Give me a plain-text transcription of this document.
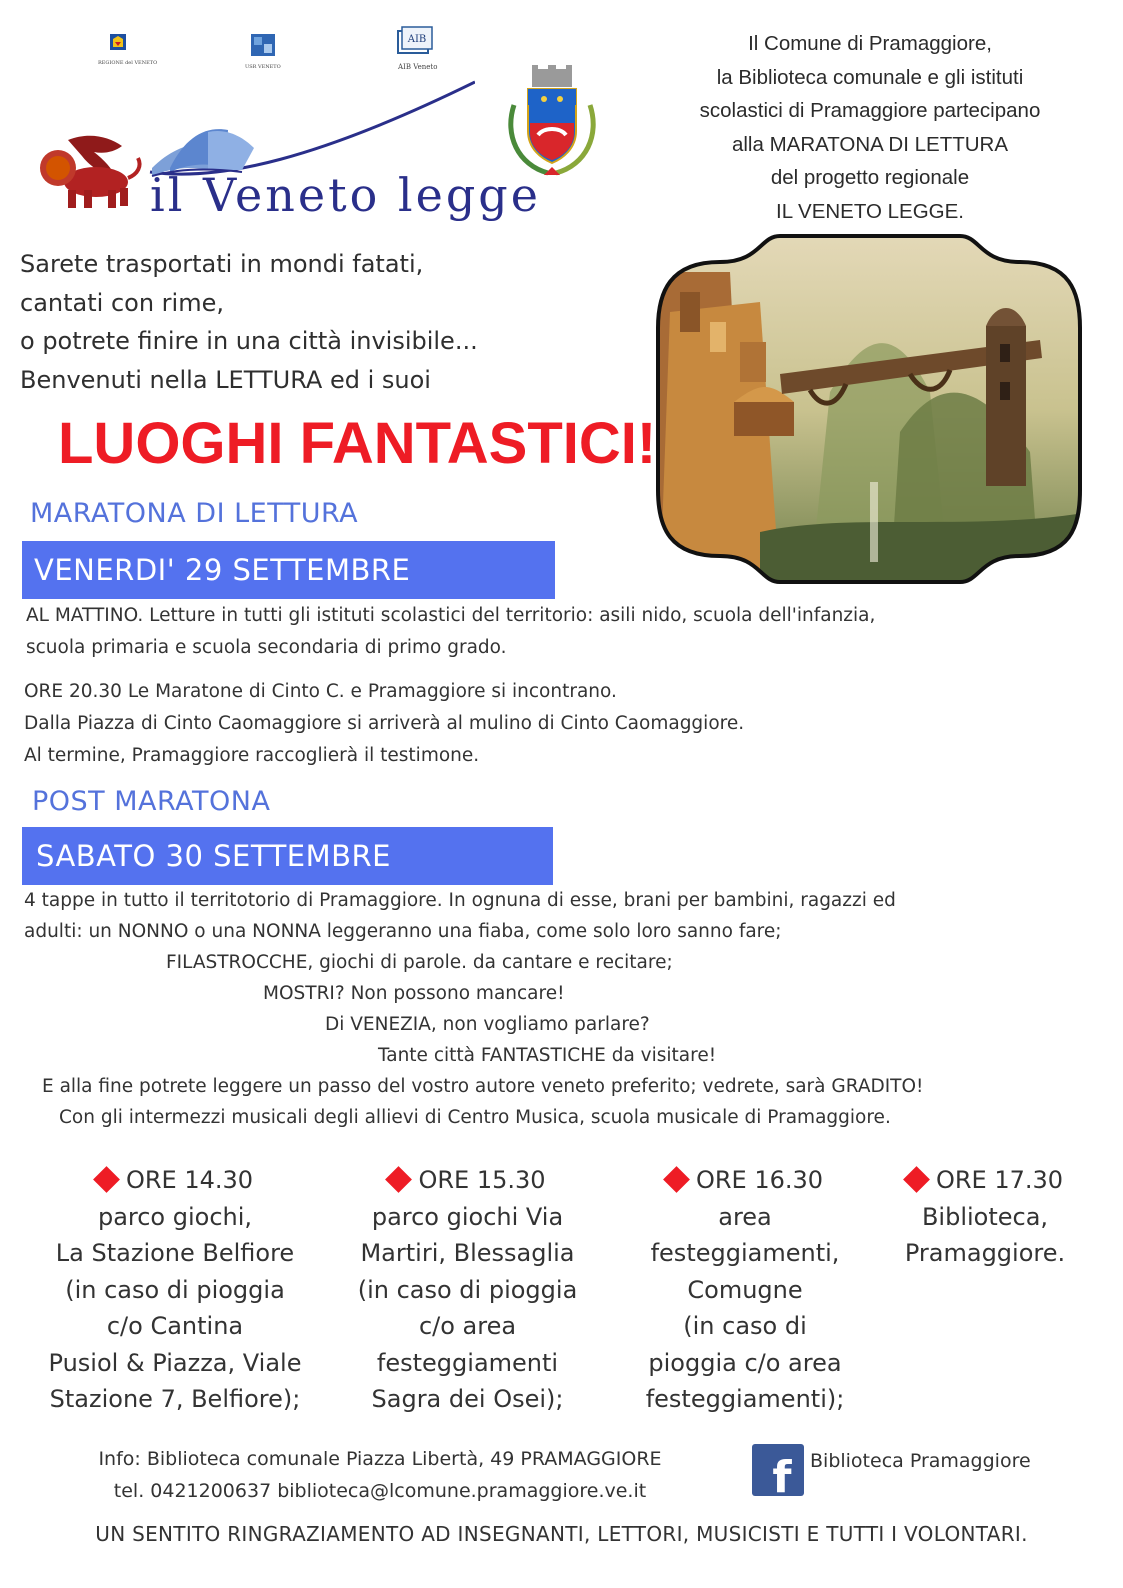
REGIONE del VENETO
USR VENETO
AIB
AIB Veneto
il Veneto legge
Il Comune di Pramaggiore,
la Biblioteca comunale e gli istituti
scolastici di Pramaggiore partecipano
alla MARATONA DI LETTURA
del progetto regionale
IL VENETO LEGGE.
Sarete trasportati in mondi fatati,
cantati con rime,
o potrete finire in una città invisibile...
Benvenuti nella LETTURA ed i suoi
LUOGHI FANTASTICI!
MARATONA DI LETTURA
VENERDI' 29 SETTEMBRE
AL MATTINO. Letture in tutti gli istituti scolastici del territorio: asili nido, scuola dell'infanzia,
scuola primaria e scuola secondaria di primo grado.
ORE 20.30 Le Maratone di Cinto C. e Pramaggiore si incontrano.
Dalla Piazza di Cinto Caomaggiore si arriverà al mulino di Cinto Caomaggiore.
Al termine, Pramaggiore raccoglierà il testimone.
POST MARATONA
SABATO 30 SETTEMBRE
4 tappe in tutto il territotorio di Pramaggiore. In ognuna di esse, brani per bambini, ragazzi ed
adulti: un NONNO o una NONNA leggeranno una fiaba, come solo loro sanno fare;
FILASTROCCHE, giochi di parole. da cantare e recitare;
MOSTRI? Non possono mancare!
Di VENEZIA, non vogliamo parlare?
Tante città FANTASTICHE da visitare!
E alla fine potrete leggere un passo del vostro autore veneto preferito; vedrete, sarà GRADITO!
Con gli intermezzi musicali degli allievi di Centro Musica, scuola musicale di Pramaggiore.
ORE 14.30
parco giochi,
La Stazione Belfiore
(in caso di pioggia
c/o Cantina
Pusiol & Piazza, Viale
Stazione 7, Belfiore);
ORE 15.30
parco giochi Via
Martiri, Blessaglia
(in caso di pioggia
c/o area
festeggiamenti
Sagra dei Osei);
ORE 16.30
area
festeggiamenti,
Comugne
(in caso di
pioggia c/o area
festeggiamenti);
ORE 17.30
Biblioteca,
Pramaggiore.
Info: Biblioteca comunale Piazza Libertà, 49 PRAMAGGIORE
tel. 0421200637 biblioteca@lcomune.pramaggiore.ve.it	f Biblioteca Pramaggiore
UN SENTITO RINGRAZIAMENTO AD INSEGNANTI, LETTORI, MUSICISTI E TUTTI I VOLONTARI.
